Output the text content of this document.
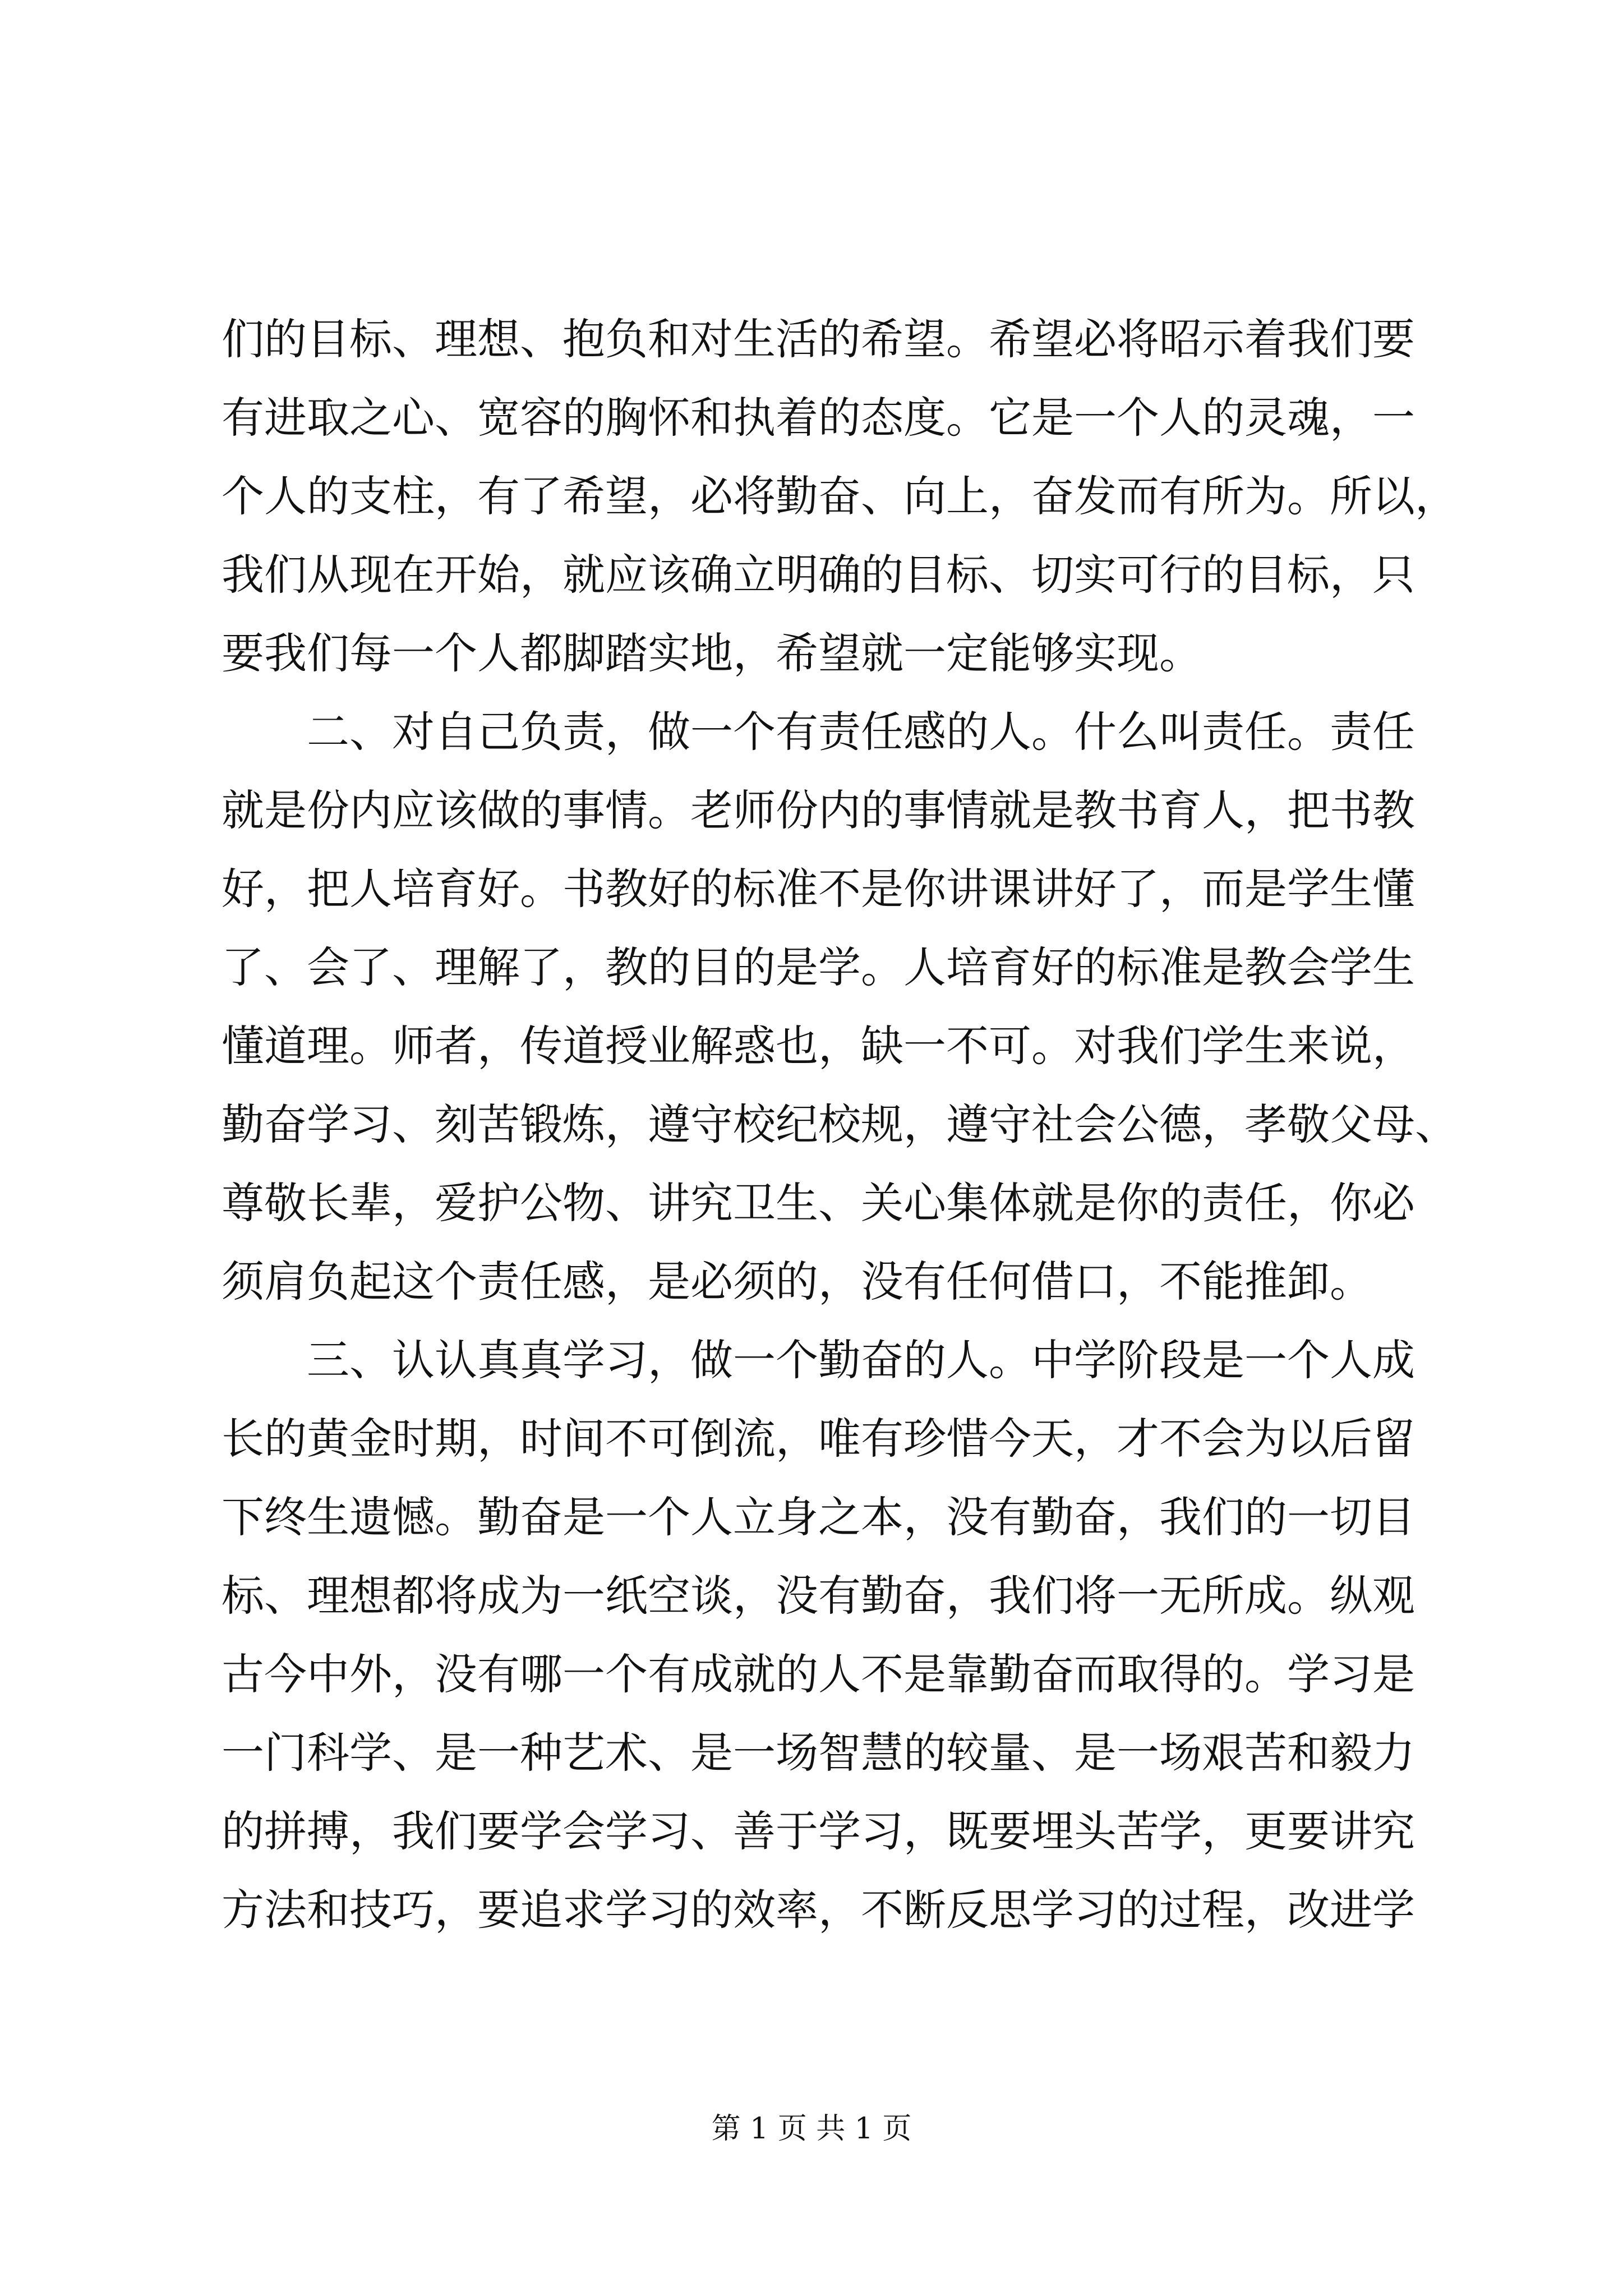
们的目标、理想、抱负和对生活的希望。希望必将昭示着我们要
有进取之心、宽容的胸怀和执着的态度。它是一个人的灵魂，一
个人的支柱，有了希望，必将勤奋、向上，奋发而有所为。所以，
我们从现在开始，就应该确立明确的目标、切实可行的目标，只
要我们每一个人都脚踏实地，希望就一定能够实现。
　　二、对自己负责，做一个有责任感的人。什么叫责任。责任
就是份内应该做的事情。老师份内的事情就是教书育人，把书教
好，把人培育好。书教好的标准不是你讲课讲好了，而是学生懂
了、会了、理解了，教的目的是学。人培育好的标准是教会学生
懂道理。师者，传道授业解惑也，缺一不可。对我们学生来说，
勤奋学习、刻苦锻炼，遵守校纪校规，遵守社会公德，孝敬父母、
尊敬长辈，爱护公物、讲究卫生、关心集体就是你的责任，你必
须肩负起这个责任感，是必须的，没有任何借口，不能推卸。
　　三、认认真真学习，做一个勤奋的人。中学阶段是一个人成
长的黄金时期，时间不可倒流，唯有珍惜今天，才不会为以后留
下终生遗憾。勤奋是一个人立身之本，没有勤奋，我们的一切目
标、理想都将成为一纸空谈，没有勤奋，我们将一无所成。纵观
古今中外，没有哪一个有成就的人不是靠勤奋而取得的。学习是
一门科学、是一种艺术、是一场智慧的较量、是一场艰苦和毅力
的拼搏，我们要学会学习、善于学习，既要埋头苦学，更要讲究
方法和技巧，要追求学习的效率，不断反思学习的过程，改进学
第 1 页 共 1 页
